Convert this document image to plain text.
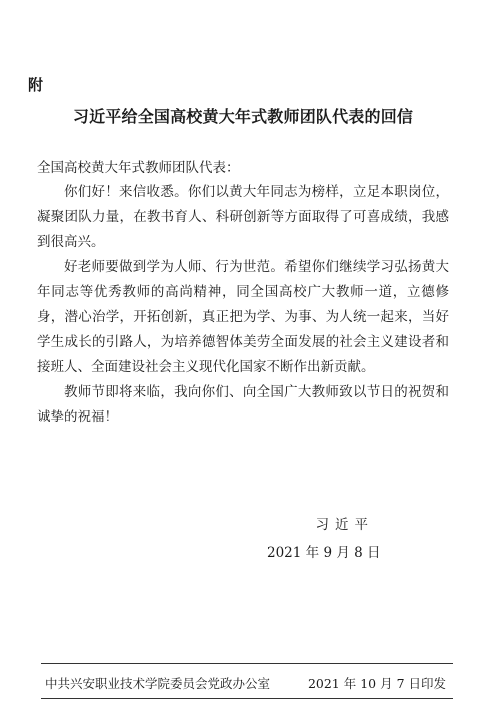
附
习近平给全国高校黄大年式教师团队代表的回信
全国高校黄大年式教师团队代表：

你们好！来信收悉。你们以黄大年同志为榜样，立足本职岗位，凝聚团队力量，在教书育人、科研创新等方面取得了可喜成绩，我感到很高兴。

好老师要做到学为人师、行为世范。希望你们继续学习弘扬黄大年同志等优秀教师的高尚精神，同全国高校广大教师一道，立德修身，潜心治学，开拓创新，真正把为学、为事、为人统一起来，当好学生成长的引路人，为培养德智体美劳全面发展的社会主义建设者和接班人、全面建设社会主义现代化国家不断作出新贡献。

教师节即将来临，我向你们、向全国广大教师致以节日的祝贺和诚挚的祝福！

习近平
2021 年 9 月 8 日
中共兴安职业技术学院委员会党政办公室	2021 年 10 月 7 日印发
